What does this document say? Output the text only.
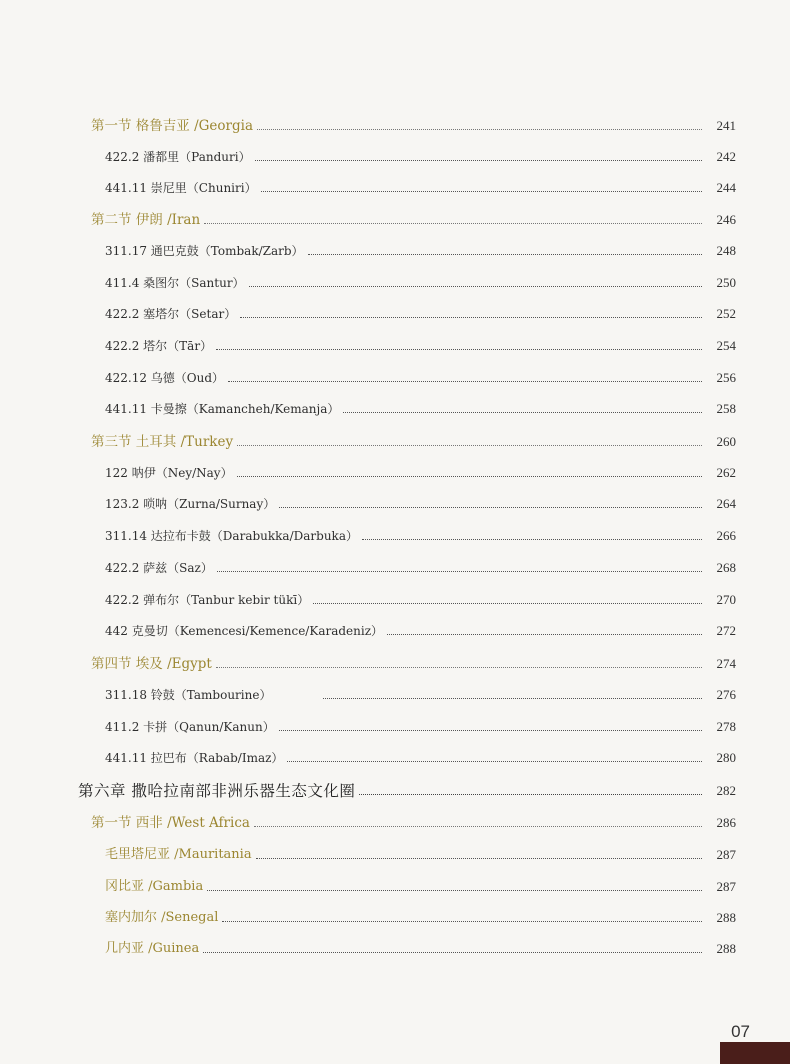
第一节 格鲁吉亚 /Georgia	241
422.2 潘都里（Panduri）	242
441.11 崇尼里（Chuniri）	244
第二节 伊朗 /Iran	246
311.17 通巴克鼓（Tombak/Zarb）	248
411.4 桑图尔（Santur）	250
422.2 塞塔尔（Setar）	252
422.2 塔尔（Tār）	254
422.12 乌德（Oud）	256
441.11 卡曼擦（Kamancheh/Kemanja）	258
第三节 土耳其 /Turkey	260
122 呐伊（Ney/Nay）	262
123.2 唢呐（Zurna/Surnay）	264
311.14 达拉布卡鼓（Darabukka/Darbuka）	266
422.2 萨兹（Saz）	268
422.2 弹布尔（Tanbur kebir tükī）	270
442 克曼切（Kemencesi/Kemence/Karadeniz）	272
第四节 埃及 /Egypt	274
311.18 铃鼓（Tambourine）	276
411.2 卡拼（Qanun/Kanun）	278
441.11 拉巴布（Rabab/Imaz）	280
第六章 撒哈拉南部非洲乐器生态文化圈	282
第一节 西非 /West Africa	286
毛里塔尼亚 /Mauritania	287
冈比亚 /Gambia	287
塞内加尔 /Senegal	288
几内亚 /Guinea	288
07
